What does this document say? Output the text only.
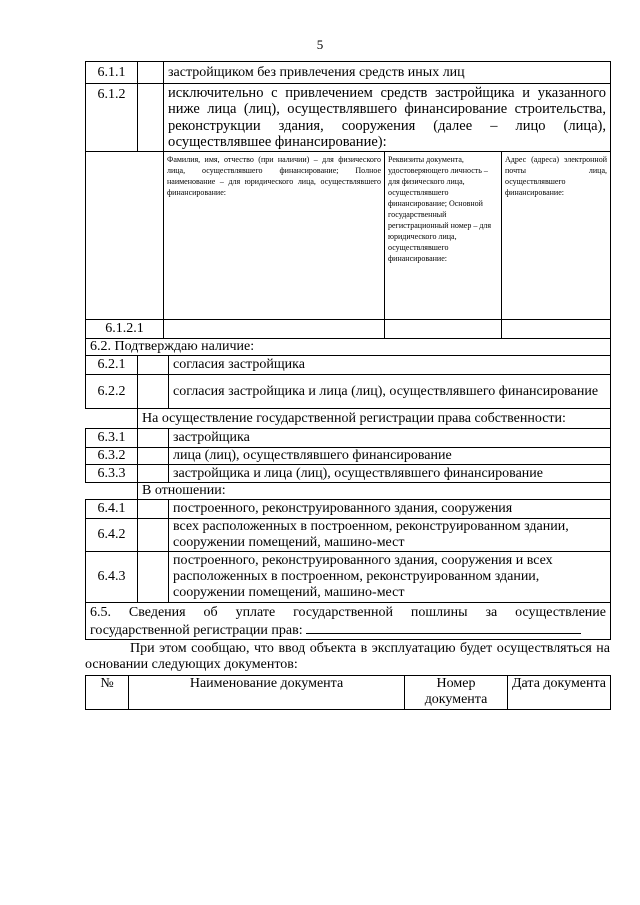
5
6.1.1		застройщиком без привлечения средств иных лиц		
6.1.2		исключительно с привлечением средств застройщика и указанного ниже лица (лиц), осуществлявшего финансирование строительства, реконструкции здания, сооружения (далее – лицо (лица), осуществлявшее финансирование):		
		Фамилия, имя, отчество (при наличии) – для физического лица, осуществлявшего финансирование; Полное наименование – для юридического лица, осуществлявшего финансирование:	Реквизиты документа, удостоверяющего личность – для физического лица, осуществлявшего финансирование; Основной государственный регистрационный номер – для юридического лица, осуществлявшего финансирование:	Адрес (адреса) электронной почты лица, осуществлявшего финансирование:
6.1.2.1				
6.2. Подтверждаю наличие:		
6.2.1		согласия застройщика
6.2.2		согласия застройщика и лица (лиц), осуществлявшего финансирование
	На осуществление государственной регистрации права собственности:	
6.3.1		застройщика
6.3.2		лица (лиц), осуществлявшего финансирование
6.3.3		застройщика и лица (лиц), осуществлявшего финансирование
	В отношении:	
6.4.1		построенного, реконструированного здания, сооружения
6.4.2		всех расположенных в построенном, реконструированном здании, сооружении помещений, машино-мест
6.4.3		построенного, реконструированного здания, сооружения и всех расположенных в построенном, реконструированном здании, сооружении помещений, машино-мест
6.5. Сведения об уплате государственной пошлины за осуществление государственной регистрации прав:		
При этом сообщаю, что ввод объекта в эксплуатацию будет осуществляться на основании следующих документов:
№	Наименование документа	Номер документа	Дата документа
